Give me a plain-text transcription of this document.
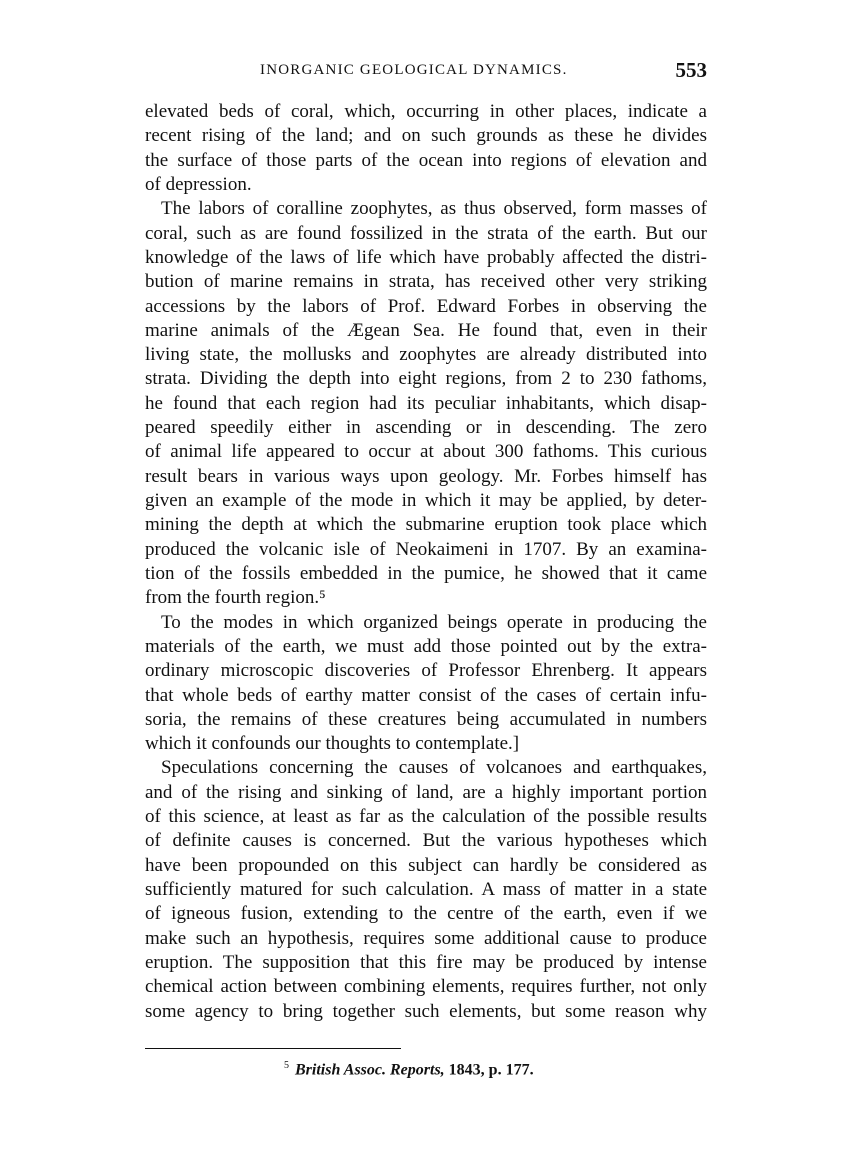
INORGANIC GEOLOGICAL DYNAMICS.	553
elevated beds of coral, which, occurring in other places, indicate a
recent rising of the land; and on such grounds as these he divides
the surface of those parts of the ocean into regions of elevation and
of depression.
The labors of coralline zoophytes, as thus observed, form masses of
coral, such as are found fossilized in the strata of the earth. But our
knowledge of the laws of life which have probably affected the distri-
bution of marine remains in strata, has received other very striking
accessions by the labors of Prof. Edward Forbes in observing the
marine animals of the Ægean Sea. He found that, even in their
living state, the mollusks and zoophytes are already distributed into
strata. Dividing the depth into eight regions, from 2 to 230 fathoms,
he found that each region had its peculiar inhabitants, which disap-
peared speedily either in ascending or in descending. The zero
of animal life appeared to occur at about 300 fathoms. This curious
result bears in various ways upon geology. Mr. Forbes himself has
given an example of the mode in which it may be applied, by deter-
mining the depth at which the submarine eruption took place which
produced the volcanic isle of Neokaimeni in 1707. By an examina-
tion of the fossils embedded in the pumice, he showed that it came
from the fourth region.⁵
To the modes in which organized beings operate in producing the
materials of the earth, we must add those pointed out by the extra-
ordinary microscopic discoveries of Professor Ehrenberg. It appears
that whole beds of earthy matter consist of the cases of certain infu-
soria, the remains of these creatures being accumulated in numbers
which it confounds our thoughts to contemplate.]
Speculations concerning the causes of volcanoes and earthquakes,
and of the rising and sinking of land, are a highly important portion
of this science, at least as far as the calculation of the possible results
of definite causes is concerned. But the various hypotheses which
have been propounded on this subject can hardly be considered as
sufficiently matured for such calculation. A mass of matter in a state
of igneous fusion, extending to the centre of the earth, even if we
make such an hypothesis, requires some additional cause to produce
eruption. The supposition that this fire may be produced by intense
chemical action between combining elements, requires further, not only
some agency to bring together such elements, but some reason why
$^5$ British Assoc. Reports, 1843, p. 177.
